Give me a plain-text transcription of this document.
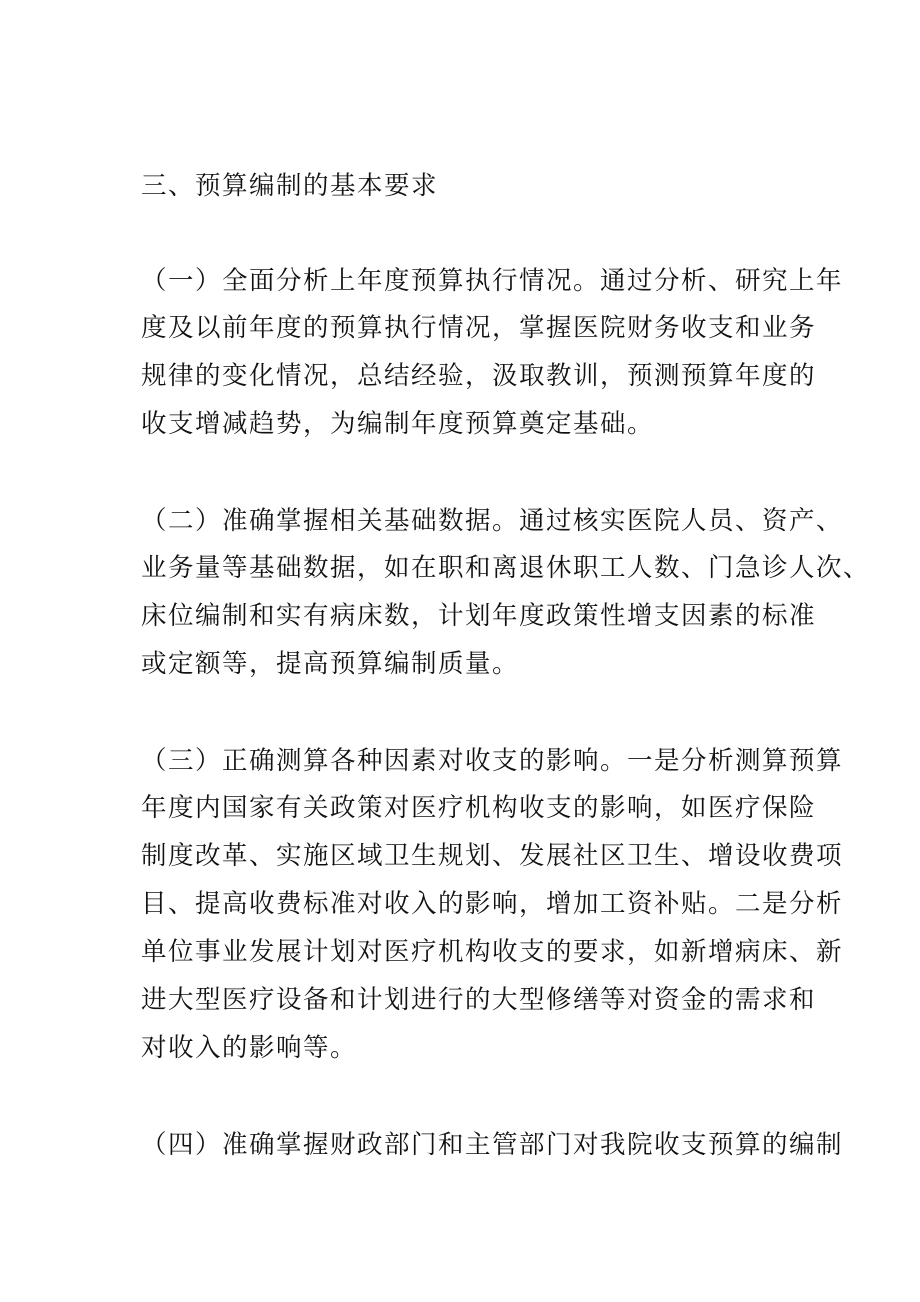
三、预算编制的基本要求
（一）全面分析上年度预算执行情况。通过分析、研究上年
度及以前年度的预算执行情况，掌握医院财务收支和业务
规律的变化情况，总结经验，汲取教训，预测预算年度的
收支增减趋势，为编制年度预算奠定基础。
（二）准确掌握相关基础数据。通过核实医院人员、资产、
业务量等基础数据，如在职和离退休职工人数、门急诊人次、
床位编制和实有病床数，计划年度政策性增支因素的标准
或定额等，提高预算编制质量。
（三）正确测算各种因素对收支的影响。一是分析测算预算
年度内国家有关政策对医疗机构收支的影响，如医疗保险
制度改革、实施区域卫生规划、发展社区卫生、增设收费项
目、提高收费标准对收入的影响，增加工资补贴。二是分析
单位事业发展计划对医疗机构收支的要求，如新增病床、新
进大型医疗设备和计划进行的大型修缮等对资金的需求和
对收入的影响等。
（四）准确掌握财政部门和主管部门对我院收支预算的编制
